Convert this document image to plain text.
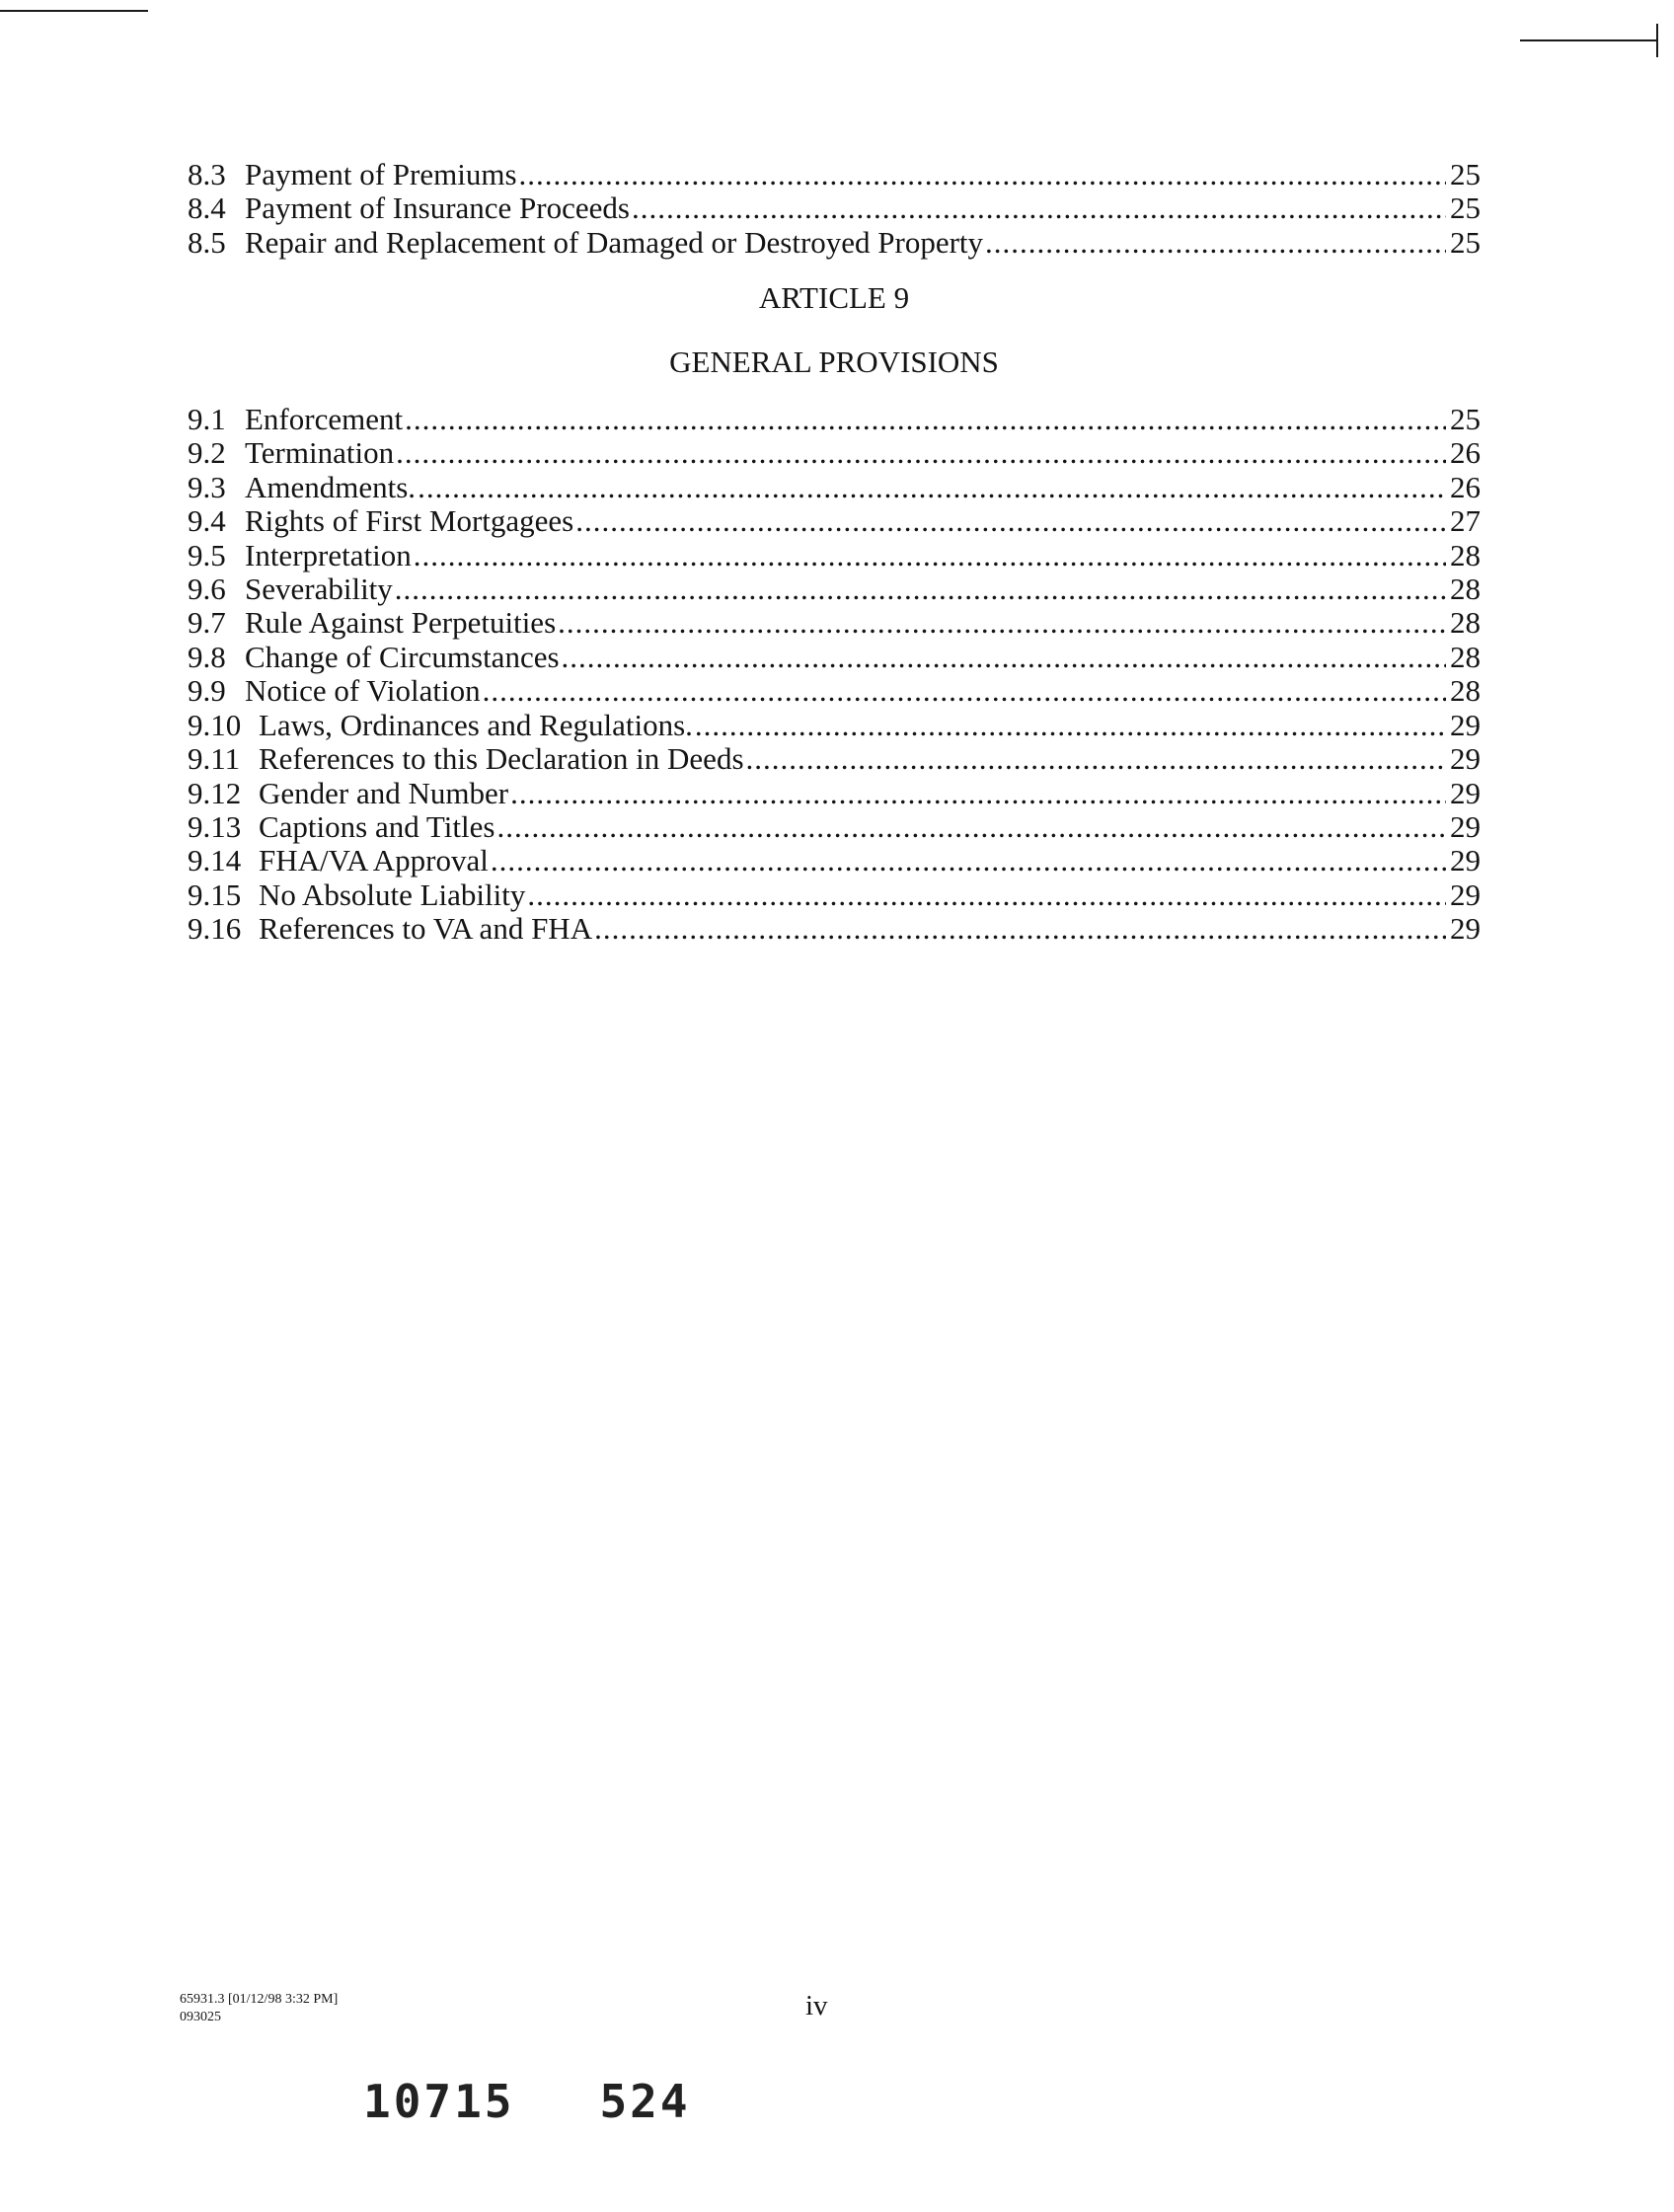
8.3 Payment of Premiums .....	25
8.4 Payment of Insurance Proceeds .....	25
8.5 Repair and Replacement of Damaged or Destroyed Property .....	25
ARTICLE 9
GENERAL PROVISIONS
9.1 Enforcement .....	25
9.2 Termination .....	26
9.3 Amendments. .....	26
9.4 Rights of First Mortgagees .....	27
9.5 Interpretation .....	28
9.6 Severability .....	28
9.7 Rule Against Perpetuities .....	28
9.8 Change of Circumstances .....	28
9.9 Notice of Violation .....	28
9.10 Laws, Ordinances and Regulations. .....	29
9.11 References to this Declaration in Deeds .....	29
9.12 Gender and Number .....	29
9.13 Captions and Titles .....	29
9.14 FHA/VA Approval .....	29
9.15 No Absolute Liability .....	29
9.16 References to VA and FHA .....	29
65931.3 [01/12/98 3:32 PM]
093025	iv
10715 524
